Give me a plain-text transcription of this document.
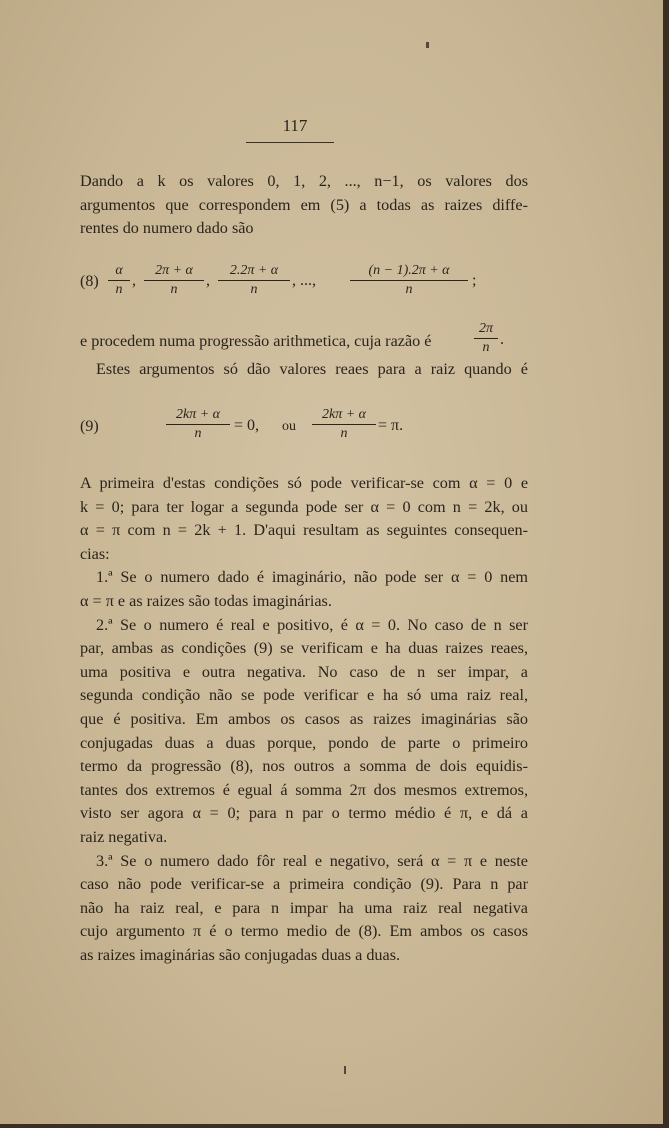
117
Dando a k os valores 0, 1, 2, ..., n−1, os valores dos
argumentos que correspondem em (5) a todas as raizes diffe-
rentes do numero dado são
$(8) \frac{\alpha}{n}$ , $\frac{2\pi + \alpha}{n}$ , $\frac{2.2\pi + \alpha}{n}$ , ..., $\frac{(n - 1).2\pi + \alpha}{n}$ ;
e procedem numa progressão arithmetica, cuja razão é	$\frac{2\pi}{n}$ .
Estes argumentos só dão valores reaes para a raiz quando é
(9)	$\frac{2k\pi + \alpha}{n} = 0$, ou $\frac{2k\pi + \alpha}{n} = \pi$.
A primeira d'estas condições só pode verificar-se com α = 0 e
k = 0; para ter logar a segunda pode ser α = 0 com n = 2k, ou
α = π com n = 2k + 1. D'aqui resultam as seguintes consequen-
cias:
1.ª Se o numero dado é imaginário, não pode ser α = 0 nem
α = π e as raizes são todas imaginárias.
2.ª Se o numero é real e positivo, é α = 0. No caso de n ser
par, ambas as condições (9) se verificam e ha duas raizes reaes,
uma positiva e outra negativa. No caso de n ser impar, a
segunda condição não se pode verificar e ha só uma raiz real,
que é positiva. Em ambos os casos as raizes imaginárias são
conjugadas duas a duas porque, pondo de parte o primeiro
termo da progressão (8), nos outros a somma de dois equidis-
tantes dos extremos é egual á somma 2π dos mesmos extremos,
visto ser agora α = 0; para n par o termo médio é π, e dá a
raiz negativa.
3.ª Se o numero dado fôr real e negativo, será α = π e neste
caso não pode verificar-se a primeira condição (9). Para n par
não ha raiz real, e para n impar ha uma raiz real negativa
cujo argumento π é o termo medio de (8). Em ambos os casos
as raizes imaginárias são conjugadas duas a duas.
